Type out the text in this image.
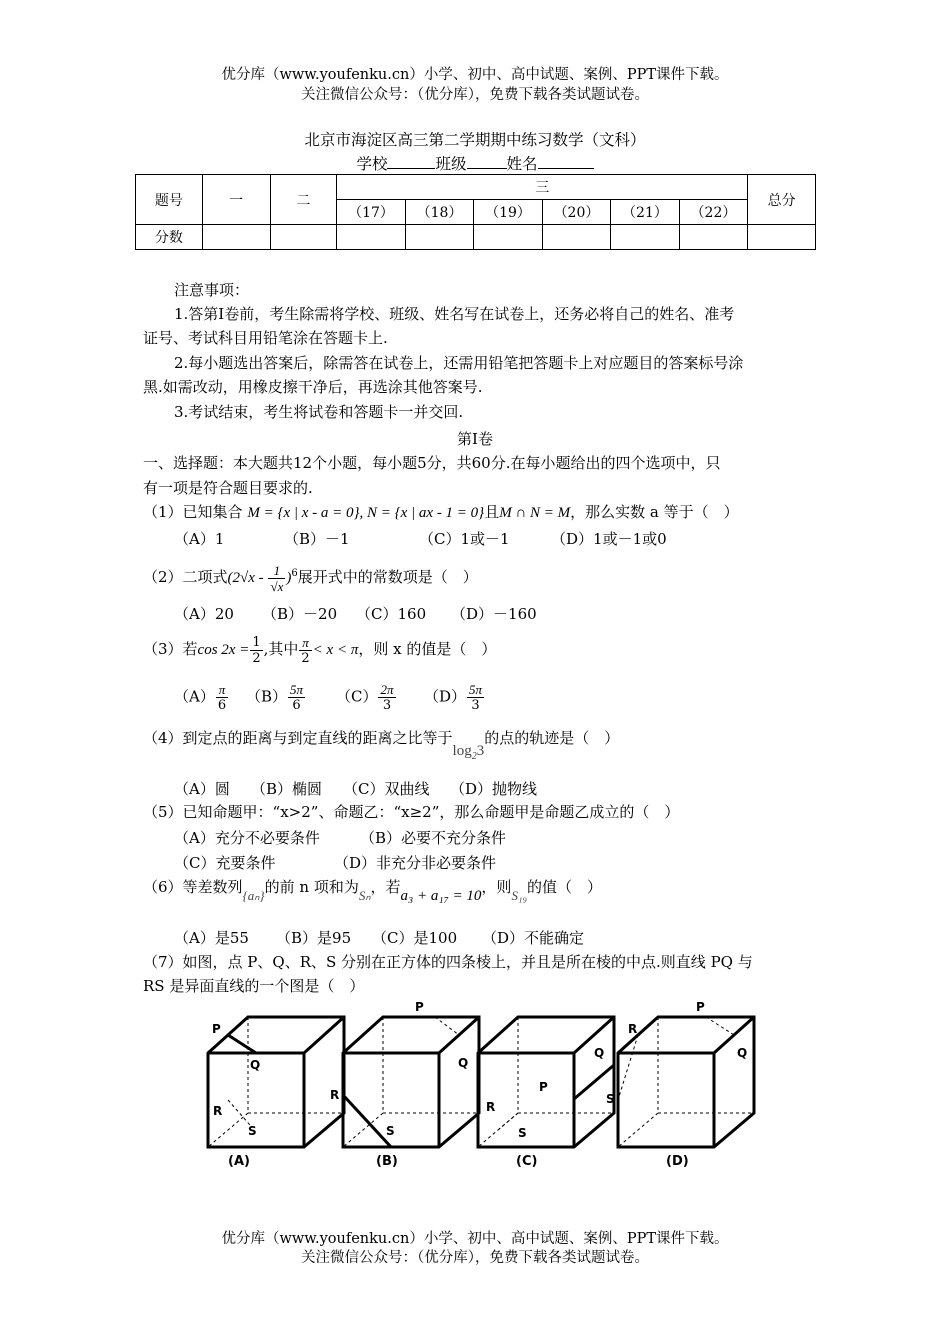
优分库（www.youfenku.cn）小学、初中、高中试题、案例、PPT课件下载。
关注微信公众号：（优分库），免费下载各类试题试卷。
北京市海淀区高三第二学期期中练习数学（文科）
学校	班级	姓名
题号	一	二	三						总分
			（17）	（18）	（19）	（20）	（21）	（22）	
分数									
注意事项：
1.答第Ⅰ卷前，考生除需将学校、班级、姓名写在试卷上，还务必将自己的姓名、准考
证号、考试科目用铅笔涂在答题卡上.
2.每小题选出答案后，除需答在试卷上，还需用铅笔把答题卡上对应题目的答案标号涂
黑.如需改动，用橡皮擦干净后，再选涂其他答案号.
3.考试结束，考生将试卷和答题卡一并交回.
第Ⅰ卷
一、选择题：本大题共12个小题，每小题5分，共60分.在每小题给出的四个选项中，只
有一项是符合题目要求的.
（1）已知集合 M = {x | x - a = 0}, N = {x | ax - 1 = 0}且M ∩ N = M，那么实数 a 等于（　）
（A）1	（B）－1	（C）1或－1	（D）1或－1或0
（2）二项式$(2√x - \frac{1}{√x} )^6$展开式中的常数项是（　）
（A）20 （B）－20 （C）160 （D）－160
（3）若$\cos 2x = \frac{1}{2}$ ,其中 $\frac{\pi}{2} < x < \pi$，则 x 的值是（　）
$(A) \frac{\pi}{6} (B) \frac{5\pi}{6} (C) \frac{2\pi}{3} (D) \frac{5\pi}{3}$
（4）到定点的距离与到定直线的距离之比等于$\log_23$的点的轨迹是（　）
（A）圆 （B）椭圆 （C）双曲线 （D）抛物线
（5）已知命题甲：“x>2”、命题乙：“x≥2”，那么命题甲是命题乙成立的（　）
（A）充分不必要条件	（B）必要不充分条件
（C）充要条件	（D）非充分非必要条件
（6）等差数列{aₙ}的前 n 项和为Sₙ，若a₃ + a₁₇ = 10，则S₁₉的值（　）
（A）是55 （B）是95 （C）是100 （D）不能确定
（7）如图，点 P、Q、R、S 分别在正方体的四条棱上，并且是所在棱的中点.则直线 PQ 与
RS 是异面直线的一个图是（　）
P
Q
R
S
P
Q
R
S
P
Q
R
S
P
Q
R
S
(A)	(B)	(C)	(D)
优分库（www.youfenku.cn）小学、初中、高中试题、案例、PPT课件下载。
关注微信公众号：（优分库），免费下载各类试题试卷。
